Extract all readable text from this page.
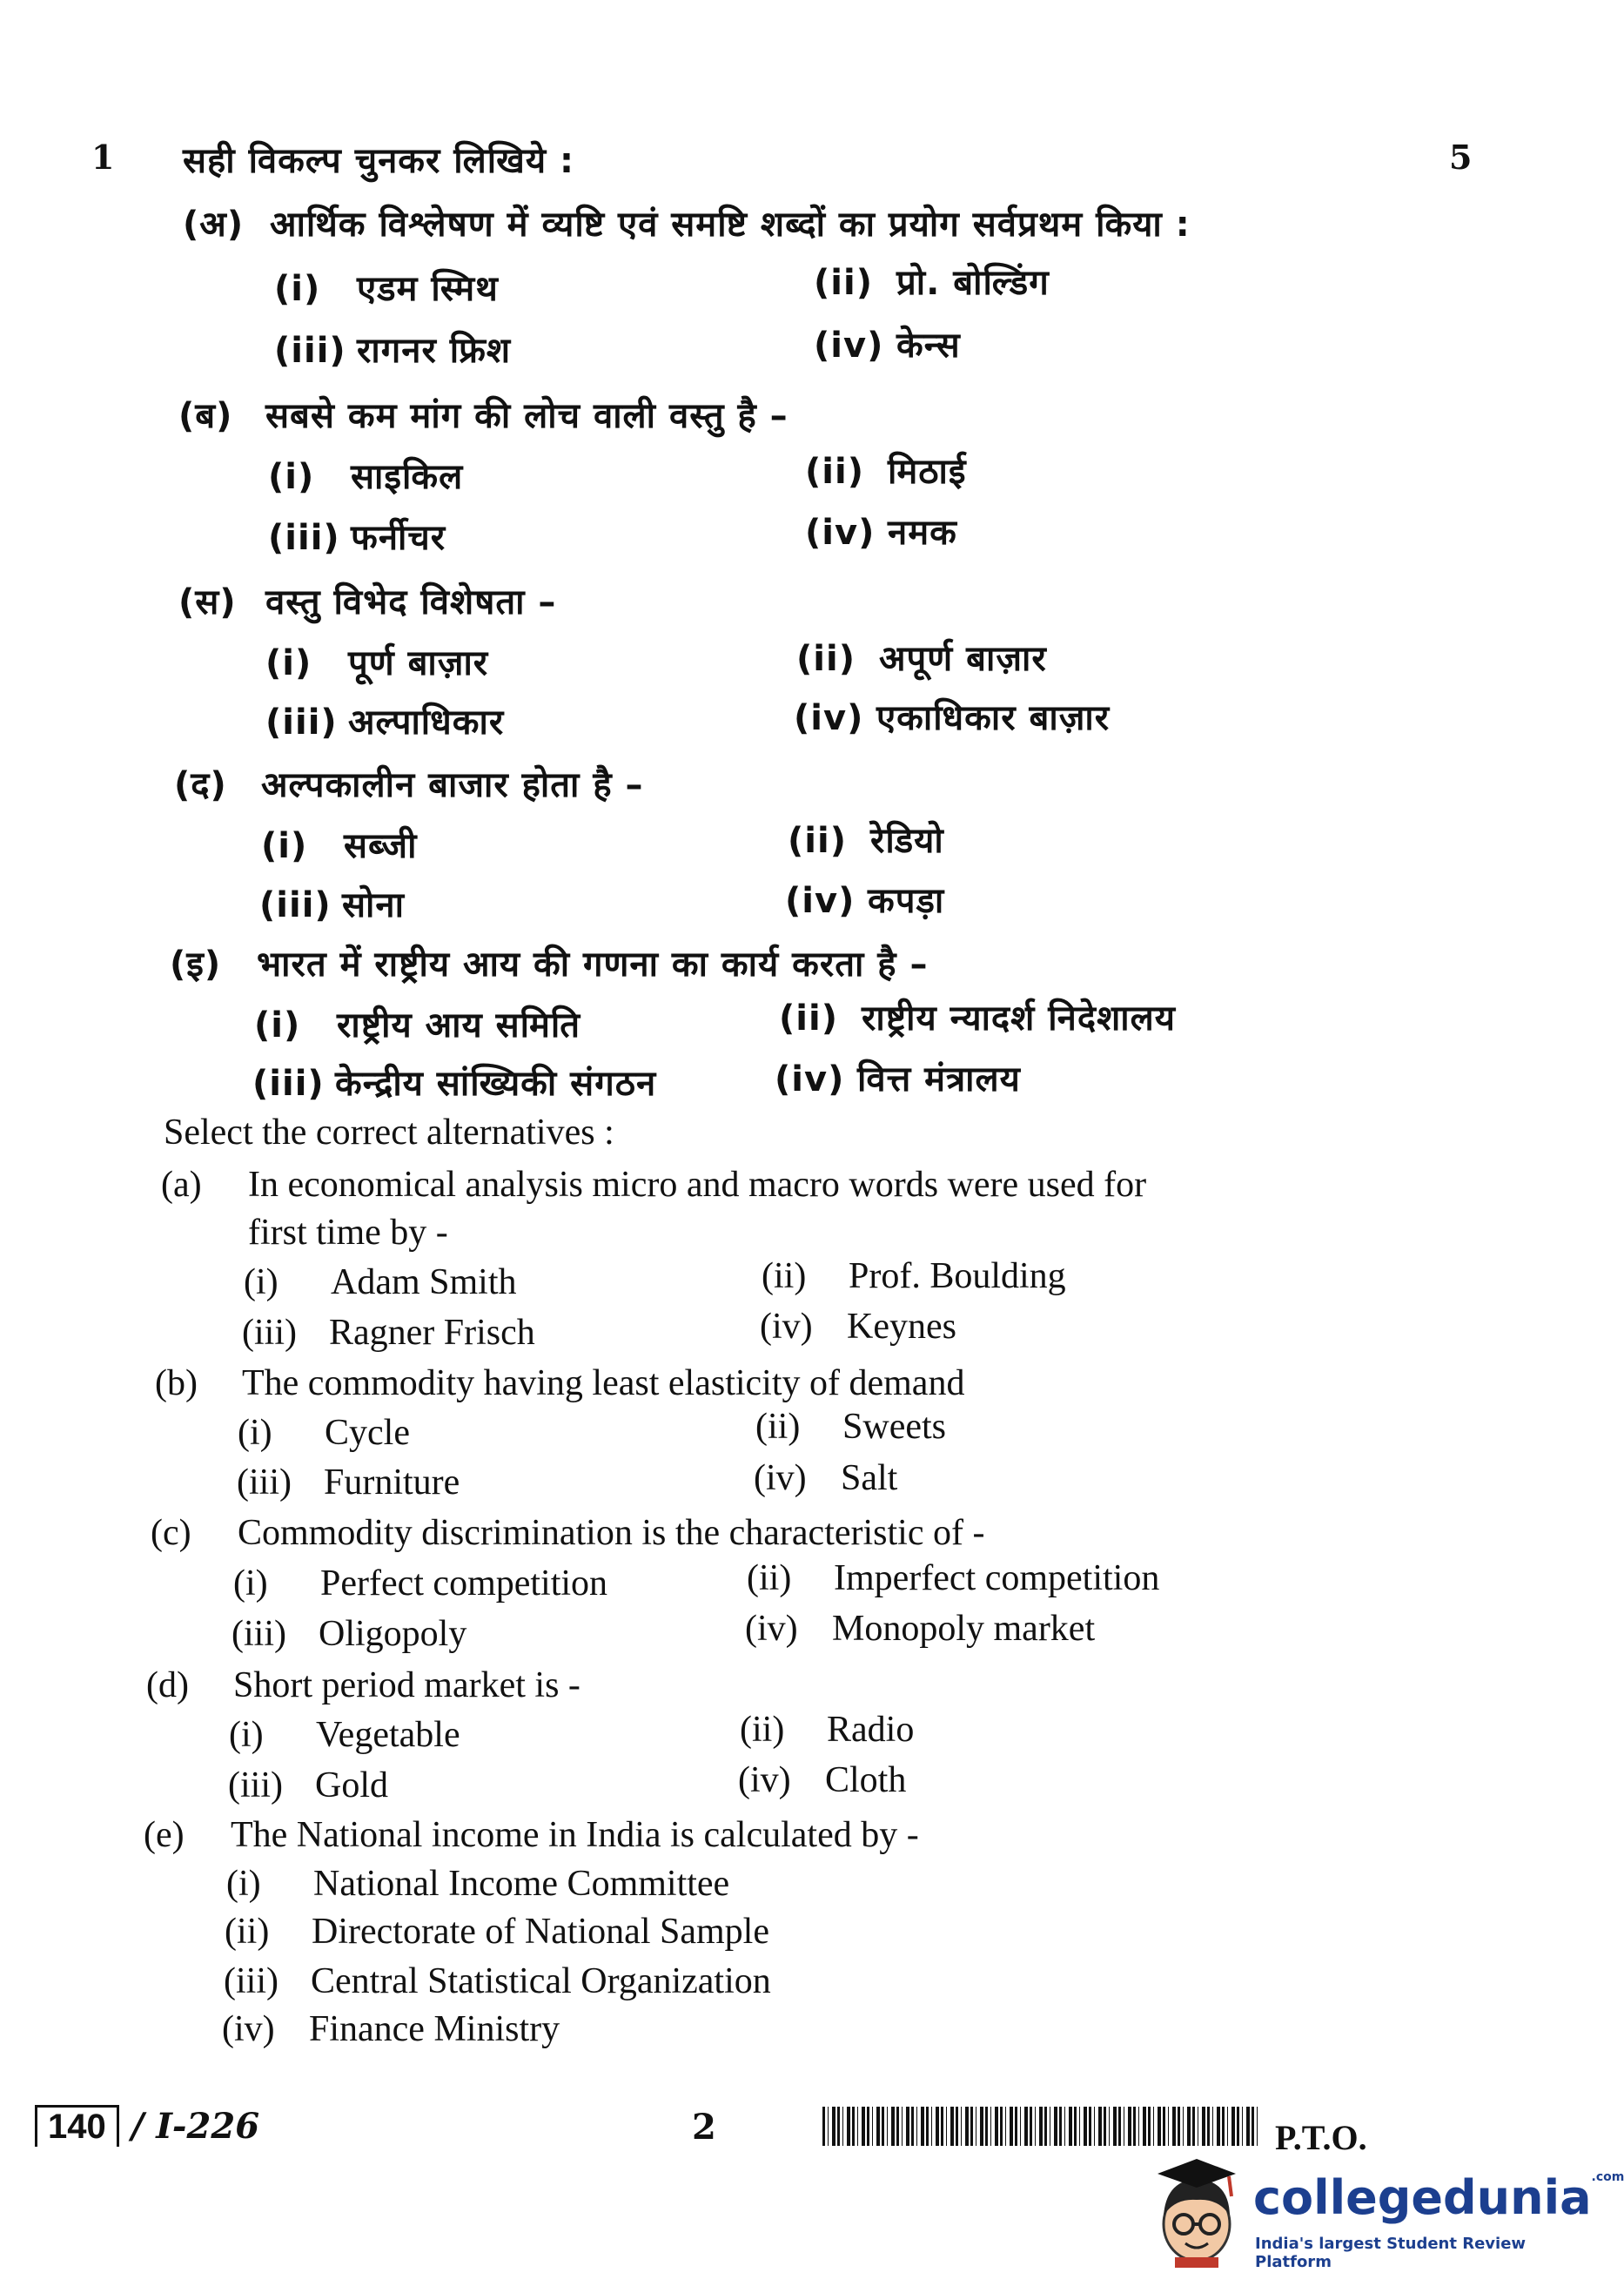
1	5
सही विकल्प चुनकर लिखिये :
(अ) आर्थिक विश्लेषण में व्यष्टि एवं समष्टि शब्दों का प्रयोग सर्वप्रथम किया :
(i) एडम स्मिथ	(ii) प्रो. बोल्डिंग
(iii) रागनर फ्रिश	(iv) केन्स
(ब) सबसे कम मांग की लोच वाली वस्तु है –
(i) साइकिल	(ii) मिठाई
(iii) फर्नीचर	(iv) नमक
(स) वस्तु विभेद विशेषता –
(i) पूर्ण बाज़ार	(ii) अपूर्ण बाज़ार
(iii) अल्पाधिकार	(iv) एकाधिकार बाज़ार
(द) अल्पकालीन बाजार होता है –
(i) सब्जी	(ii) रेडियो
(iii) सोना	(iv) कपड़ा
(इ) भारत में राष्ट्रीय आय की गणना का कार्य करता है –
(i) राष्ट्रीय आय समिति	(ii) राष्ट्रीय न्यादर्श निदेशालय
(iii) केन्द्रीय सांख्यिकी संगठन	(iv) वित्त मंत्रालय
Select the correct alternatives :
(a) In economical analysis micro and macro words were used for
first time by -
(i) Adam Smith	(ii) Prof. Boulding
(iii) Ragner Frisch	(iv) Keynes
(b) The commodity having least elasticity of demand
(i) Cycle	(ii) Sweets
(iii) Furniture	(iv) Salt
(c) Commodity discrimination is the characteristic of -
(i) Perfect competition	(ii) Imperfect competition
(iii) Oligopoly	(iv) Monopoly market
(d) Short period market is -
(i) Vegetable	(ii) Radio
(iii) Gold	(iv) Cloth
(e) The National income in India is calculated by -
(i) National Income Committee
(ii) Directorate of National Sample
(iii) Central Statistical Organization
(iv) Finance Ministry
140 / I-226	2	P.T.O.
collegedunia$^{.com}$
India's largest Student Review Platform
